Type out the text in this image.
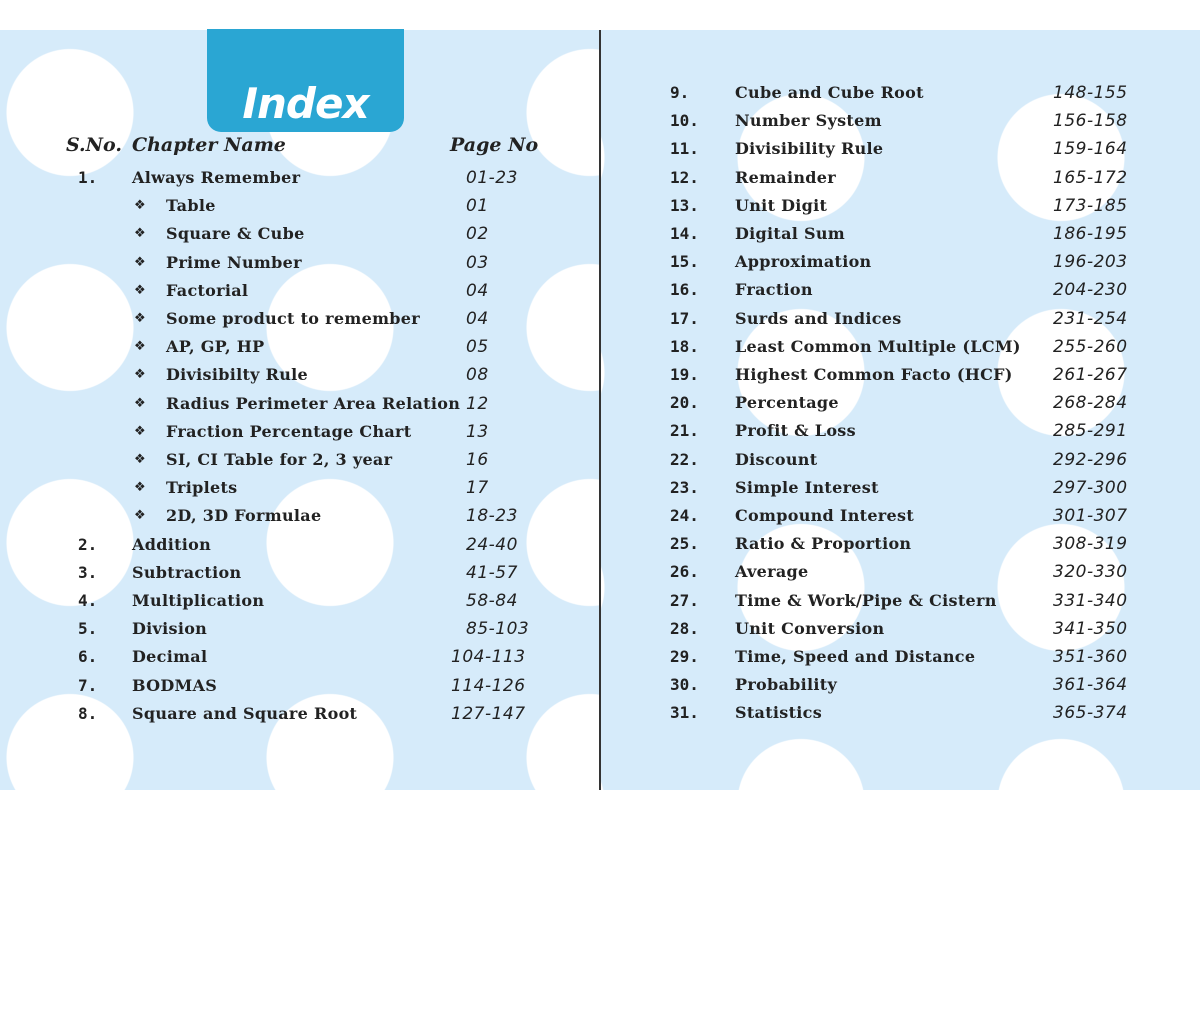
Index
S.No. Chapter Name	Page No
1. Always Remember	01-23
❖ Table	01
❖ Square & Cube	02
❖ Prime Number	03
❖ Factorial	04
❖ Some product to remember	04
❖ AP, GP, HP	05
❖ Divisibilty Rule	08
❖ Radius Perimeter Area Relation 12
❖ Fraction Percentage Chart	13
❖ SI, CI Table for 2, 3 year	16
❖ Triplets	17
❖ 2D, 3D Formulae	18-23
2. Addition	24-40
3. Subtraction	41-57
4. Multiplication	58-84
5. Division	85-103
6. Decimal	104-113
7. BODMAS	114-126
8. Square and Square Root	127-147
9.	Cube and Cube Root	148-155
10. Number System	156-158
11. Divisibility Rule	159-164
12. Remainder	165-172
13. Unit Digit	173-185
14. Digital Sum	186-195
15. Approximation	196-203
16. Fraction	204-230
17. Surds and Indices	231-254
18. Least Common Multiple (LCM) 255-260
19. Highest Common Facto (HCF) 261-267
20. Percentage	268-284
21. Profit & Loss	285-291
22. Discount	292-296
23. Simple Interest	297-300
24. Compound Interest	301-307
25. Ratio & Proportion	308-319
26. Average	320-330
27. Time & Work/Pipe & Cistern	331-340
28. Unit Conversion	341-350
29. Time, Speed and Distance	351-360
30. Probability	361-364
31. Statistics	365-374
